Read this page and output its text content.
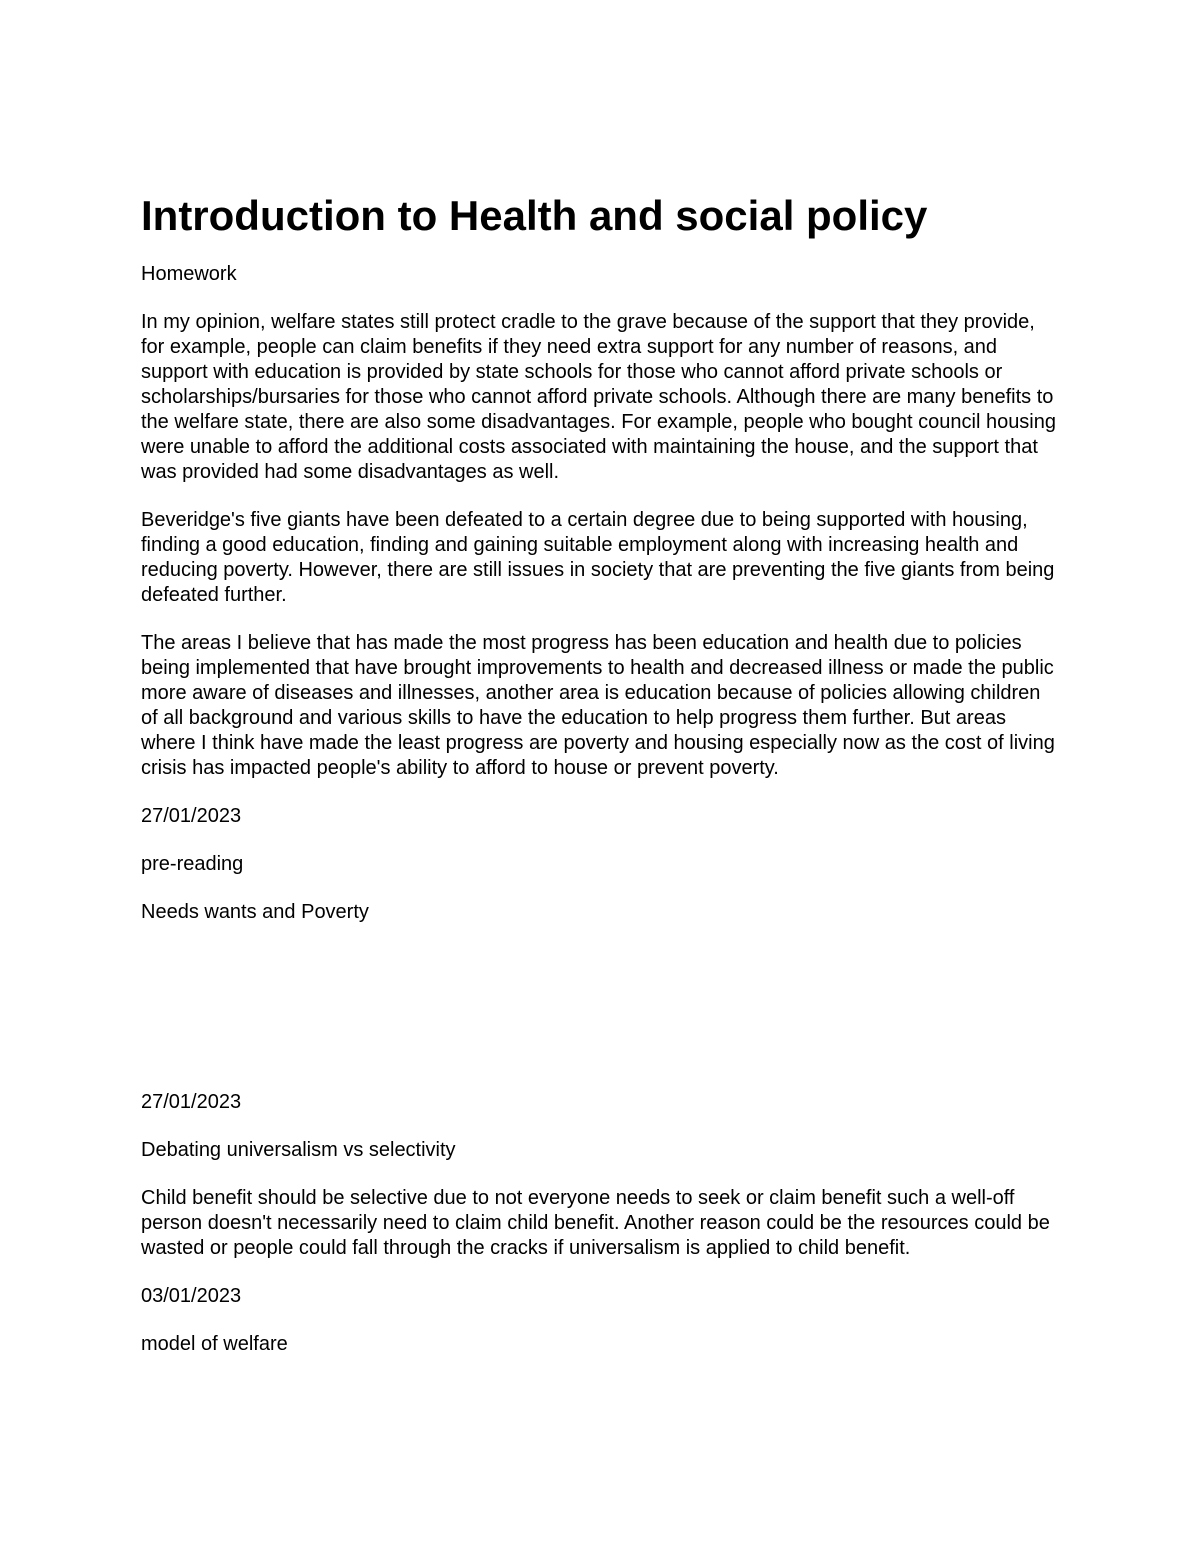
Introduction to Health and social policy

Homework

In my opinion, welfare states still protect cradle to the grave because of the support that they provide, for example, people can claim benefits if they need extra support for any number of reasons, and support with education is provided by state schools for those who cannot afford private schools or scholarships/bursaries for those who cannot afford private schools. Although there are many benefits to the welfare state, there are also some disadvantages. For example, people who bought council housing were unable to afford the additional costs associated with maintaining the house, and the support that was provided had some disadvantages as well.

Beveridge's five giants have been defeated to a certain degree due to being supported with housing, finding a good education, finding and gaining suitable employment along with increasing health and reducing poverty. However, there are still issues in society that are preventing the five giants from being defeated further.

The areas I believe that has made the most progress has been education and health due to policies being implemented that have brought improvements to health and decreased illness or made the public more aware of diseases and illnesses, another area is education because of policies allowing children of all background and various skills to have the education to help progress them further. But areas where I think have made the least progress are poverty and housing especially now as the cost of living crisis has impacted people's ability to afford to house or prevent poverty.

27/01/2023

pre-reading

Needs wants and Poverty

27/01/2023

Debating universalism vs selectivity

Child benefit should be selective due to not everyone needs to seek or claim benefit such a well-off person doesn't necessarily need to claim child benefit. Another reason could be the resources could be wasted or people could fall through the cracks if universalism is applied to child benefit.

03/01/2023

model of welfare
